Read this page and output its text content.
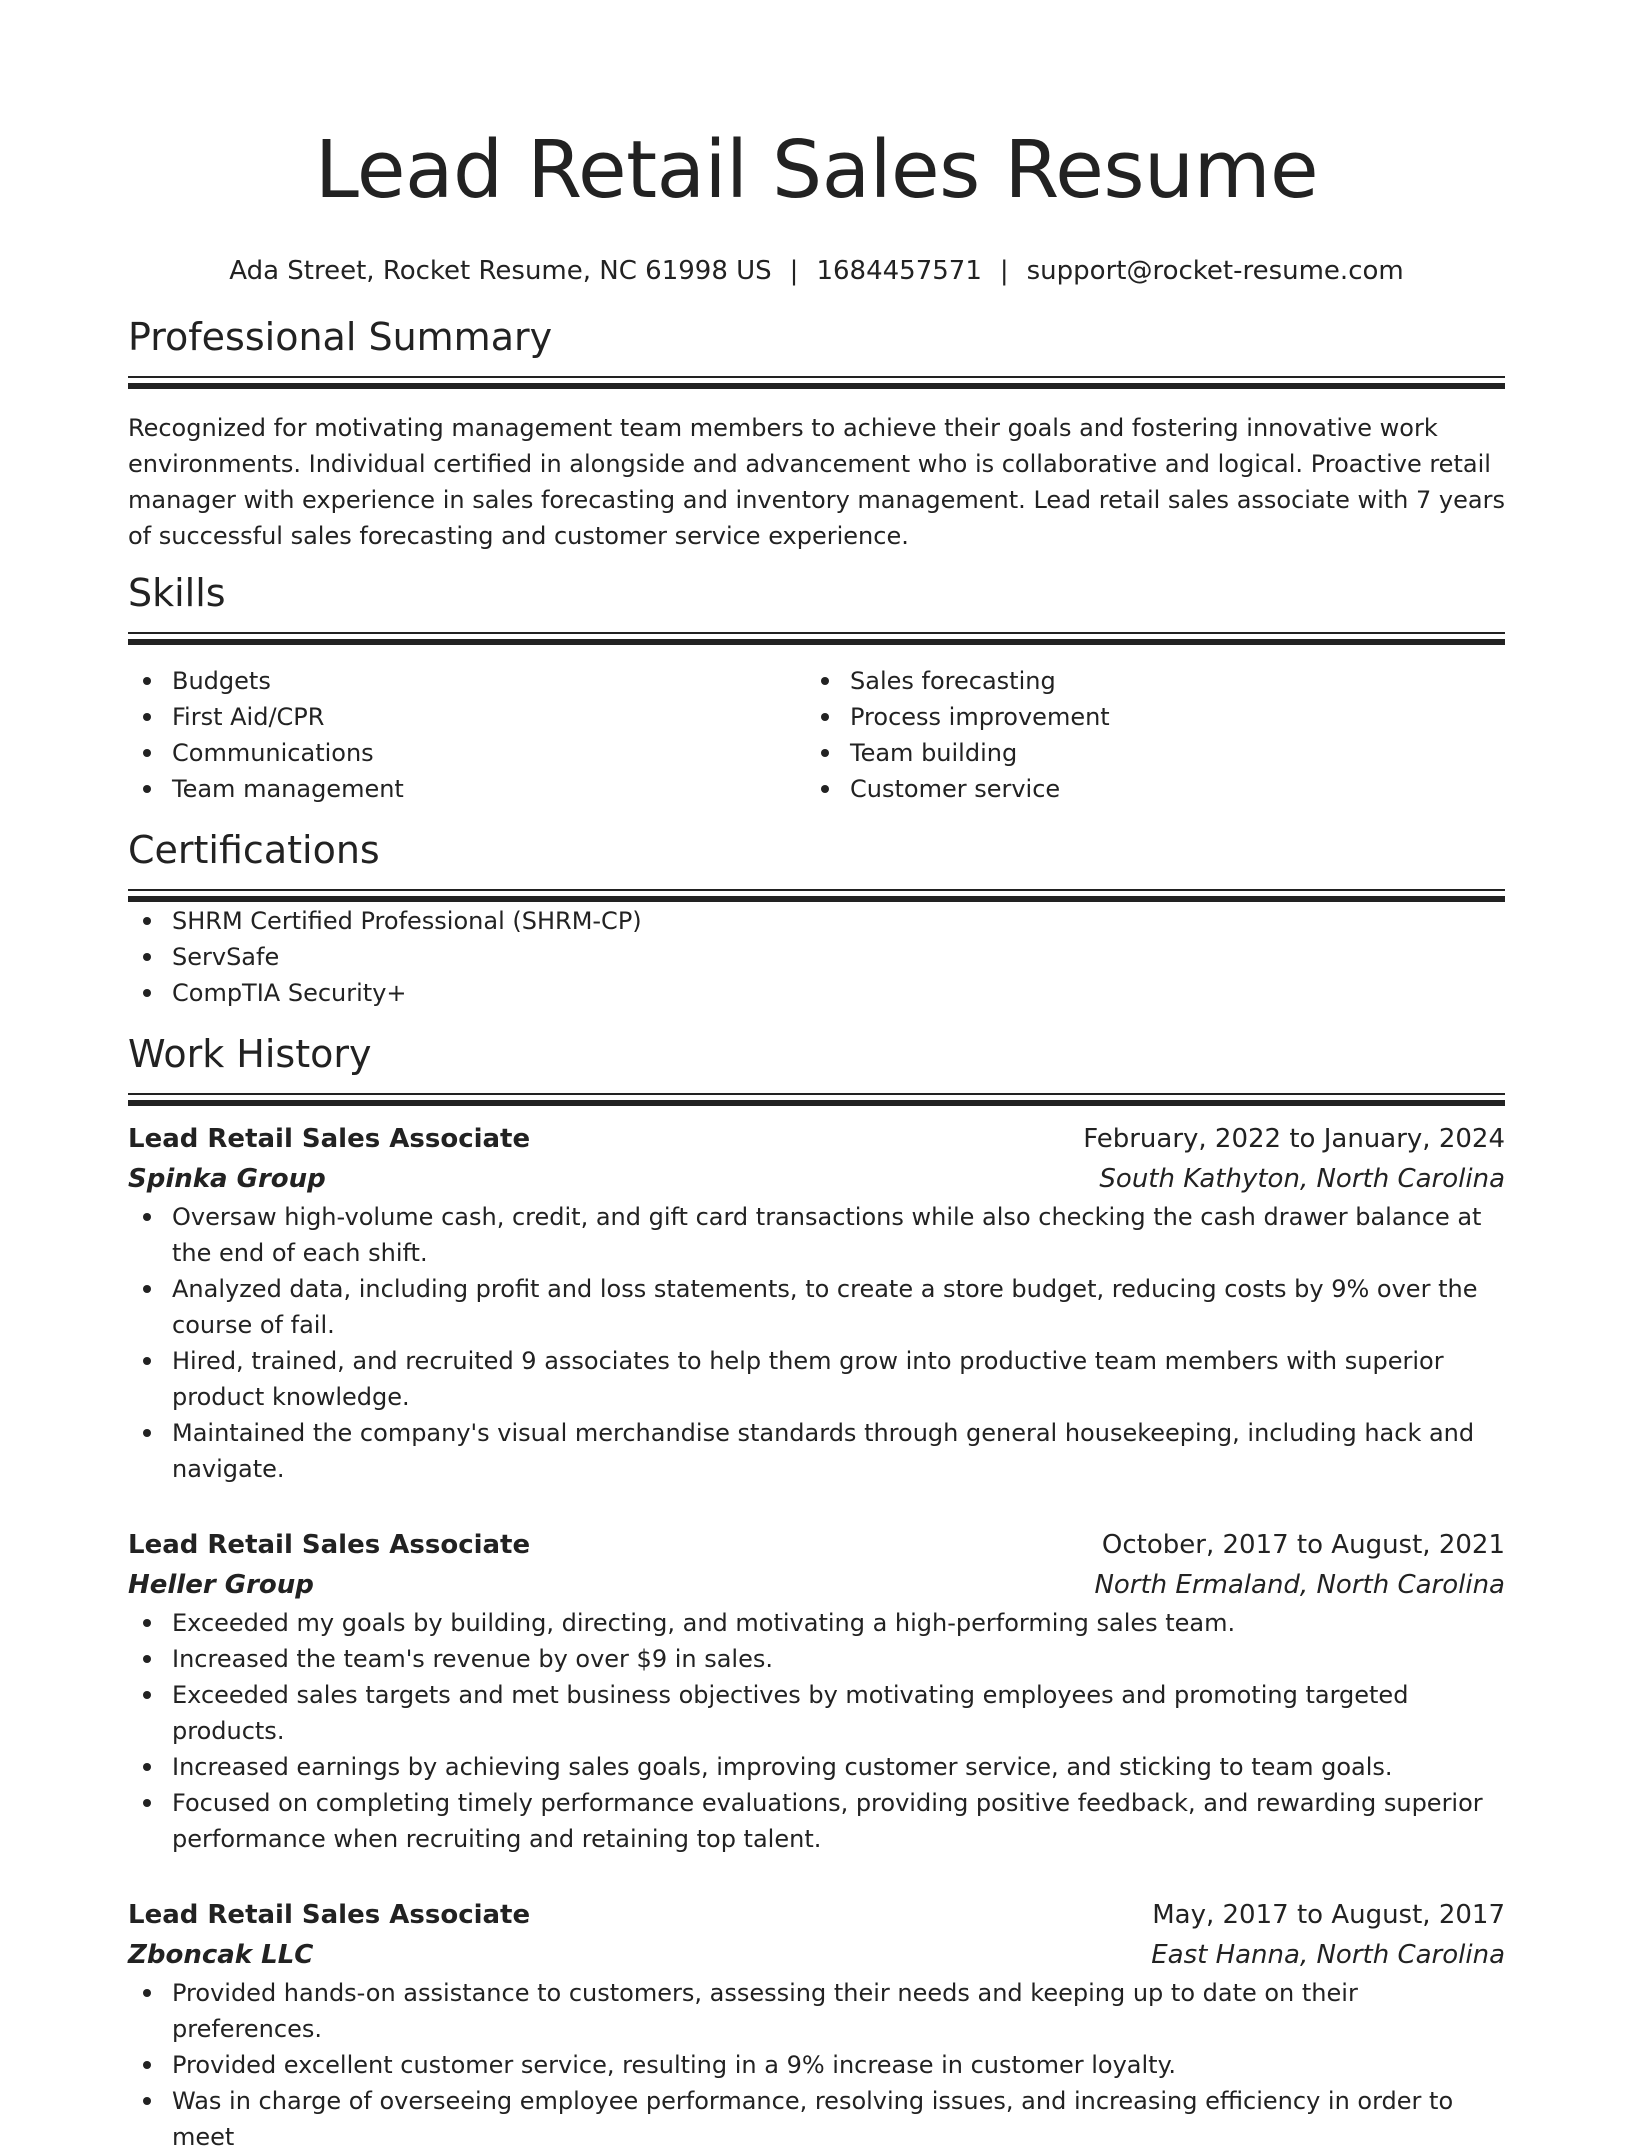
Lead Retail Sales Resume
Ada Street, Rocket Resume, NC 61998 US | 1684457571 | support@rocket-resume.com
Professional Summary

Recognized for motivating management team members to achieve their goals and fostering innovative work environments. Individual certified in alongside and advancement who is collaborative and logical. Proactive retail manager with experience in sales forecasting and inventory management. Lead retail sales associate with 7 years of successful sales forecasting and customer service experience.

Skills
Budgets
First Aid/CPR
Communications
Team management
Sales forecasting
Process improvement
Team building
Customer service
Certifications
SHRM Certified Professional (SHRM-CP)
ServSafe
CompTIA Security+
Work History
Lead Retail Sales Associate	February, 2022 to January, 2024
Spinka Group	South Kathyton, North Carolina
Oversaw high-volume cash, credit, and gift card transactions while also checking the cash drawer balance at the end of each shift.
Analyzed data, including profit and loss statements, to create a store budget, reducing costs by 9% over the course of fail.
Hired, trained, and recruited 9 associates to help them grow into productive team members with superior product knowledge.
Maintained the company's visual merchandise standards through general housekeeping, including hack and navigate.
Lead Retail Sales Associate	October, 2017 to August, 2021
Heller Group	North Ermaland, North Carolina
Exceeded my goals by building, directing, and motivating a high-performing sales team.
Increased the team's revenue by over $9 in sales.
Exceeded sales targets and met business objectives by motivating employees and promoting targeted products.
Increased earnings by achieving sales goals, improving customer service, and sticking to team goals.
Focused on completing timely performance evaluations, providing positive feedback, and rewarding superior performance when recruiting and retaining top talent.
Lead Retail Sales Associate	May, 2017 to August, 2017
Zboncak LLC	East Hanna, North Carolina
Provided hands-on assistance to customers, assessing their needs and keeping up to date on their preferences.
Provided excellent customer service, resulting in a 9% increase in customer loyalty.
Was in charge of overseeing employee performance, resolving issues, and increasing efficiency in order to meet
